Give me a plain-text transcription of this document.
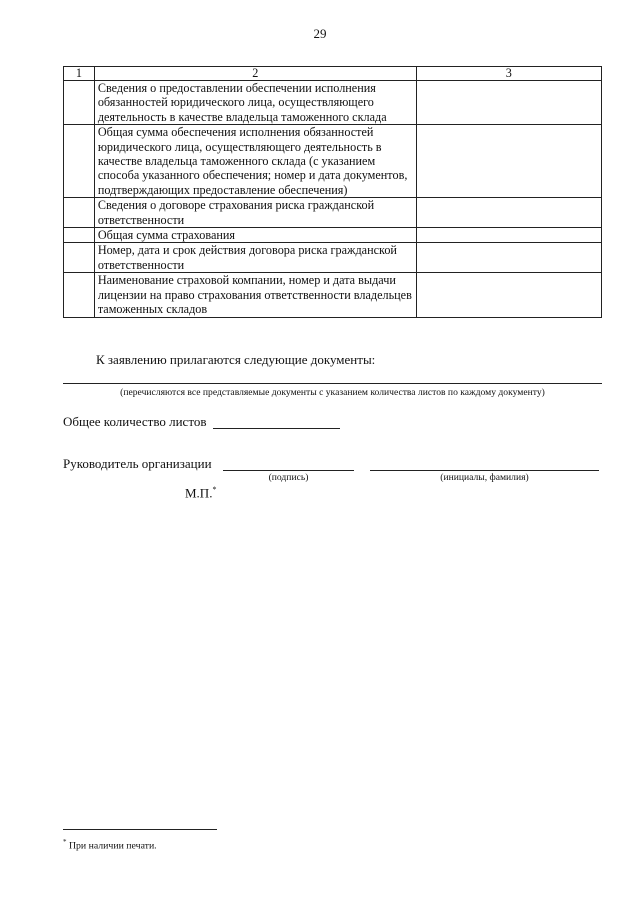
29
1	2	3
	Сведения о предоставлении обеспечении исполнения обязанностей юридического лица, осуществляющего деятельность в качестве владельца таможенного склада	
	Общая сумма обеспечения исполнения обязанностей юридического лица, осуществляющего деятельность в качестве владельца таможенного склада (с указанием способа указанного обеспечения; номер и дата документов, подтверждающих предоставление обеспечения)	
	Сведения о договоре страхования риска гражданской ответственности	
	Общая сумма страхования	
	Номер, дата и срок действия договора риска гражданской ответственности	
	Наименование страховой компании, номер и дата выдачи лицензии на право страхования ответственности владельцев таможенных складов	
К заявлению прилагаются следующие документы:
(перечисляются все представляемые документы с указанием количества листов по каждому документу)
Общее количество листов
Руководитель организации
(подпись)	(инициалы, фамилия)
М.П.*
* При наличии печати.
